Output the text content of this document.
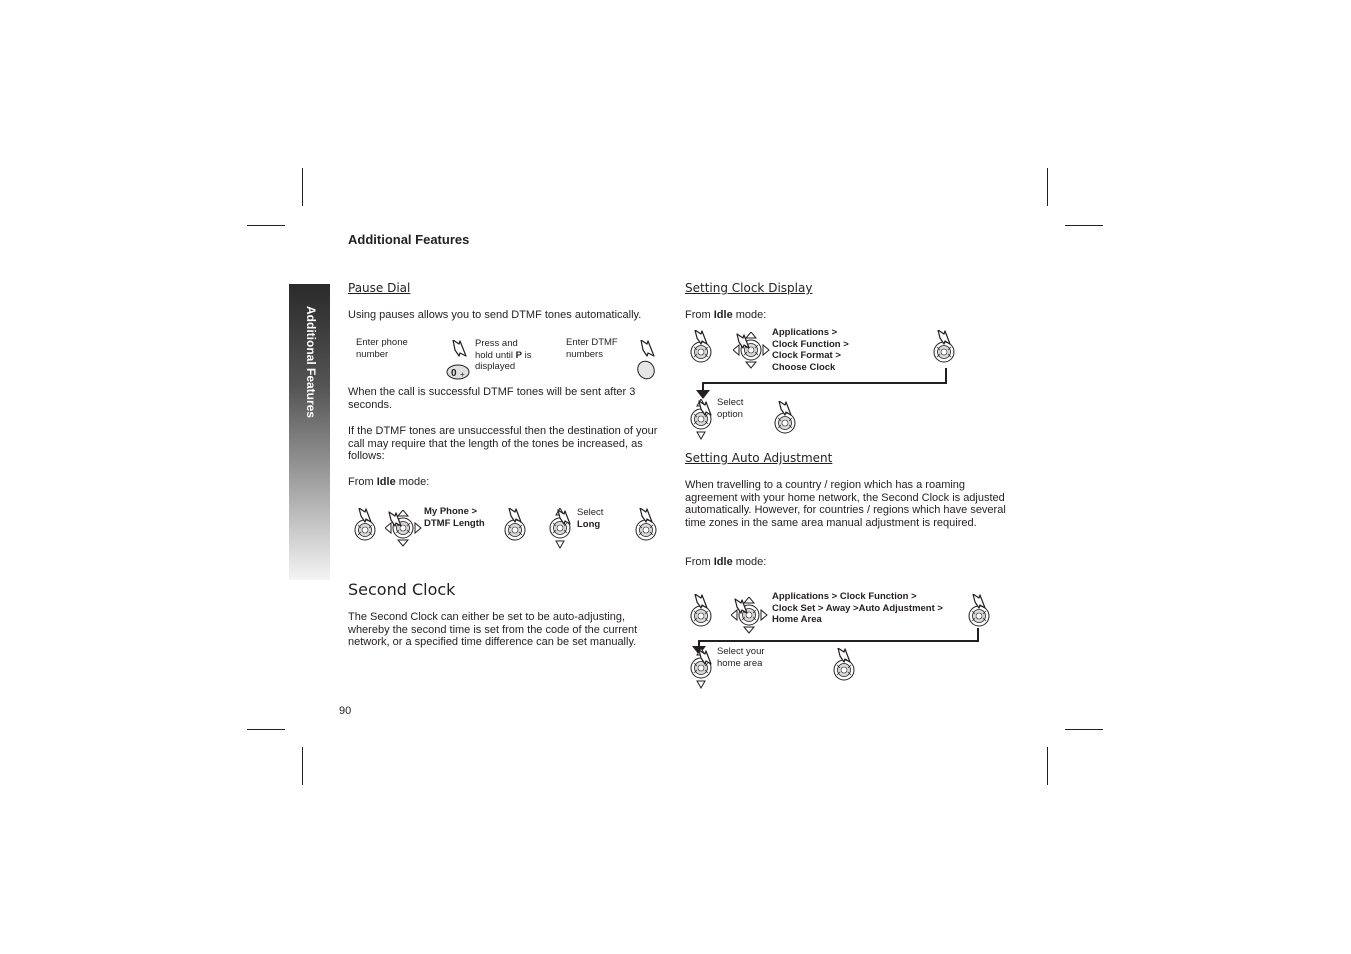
Additional Features
Additional Features
Pause Dial
Using pauses allows you to send DTMF tones automatically.
Enter phone number
0 +
Press and
hold until P is
displayed
Enter DTMF numbers
When the call is successful DTMF tones will be sent after 3 seconds.
If the DTMF tones are unsuccessful then the destination of your call may require that the length of the tones be increased, as follows:
From Idle mode:
My Phone >
DTMF Length
Select
Long
Second Clock
The Second Clock can either be set to be auto-adjusting, whereby the second time is set from the code of the current network, or a specified time difference can be set manually.
90
Setting Clock Display
From Idle mode:
Applications >
Clock Function >
Clock Format >
Choose Clock
Select
option
Setting Auto Adjustment
When travelling to a country / region which has a roaming agreement with your home network, the Second Clock is adjusted automatically. However, for countries / regions which have several time zones in the same area manual adjustment is required.
From Idle mode:
Applications > Clock Function >
Clock Set > Away >Auto Adjustment >
Home Area
Select your
home area
